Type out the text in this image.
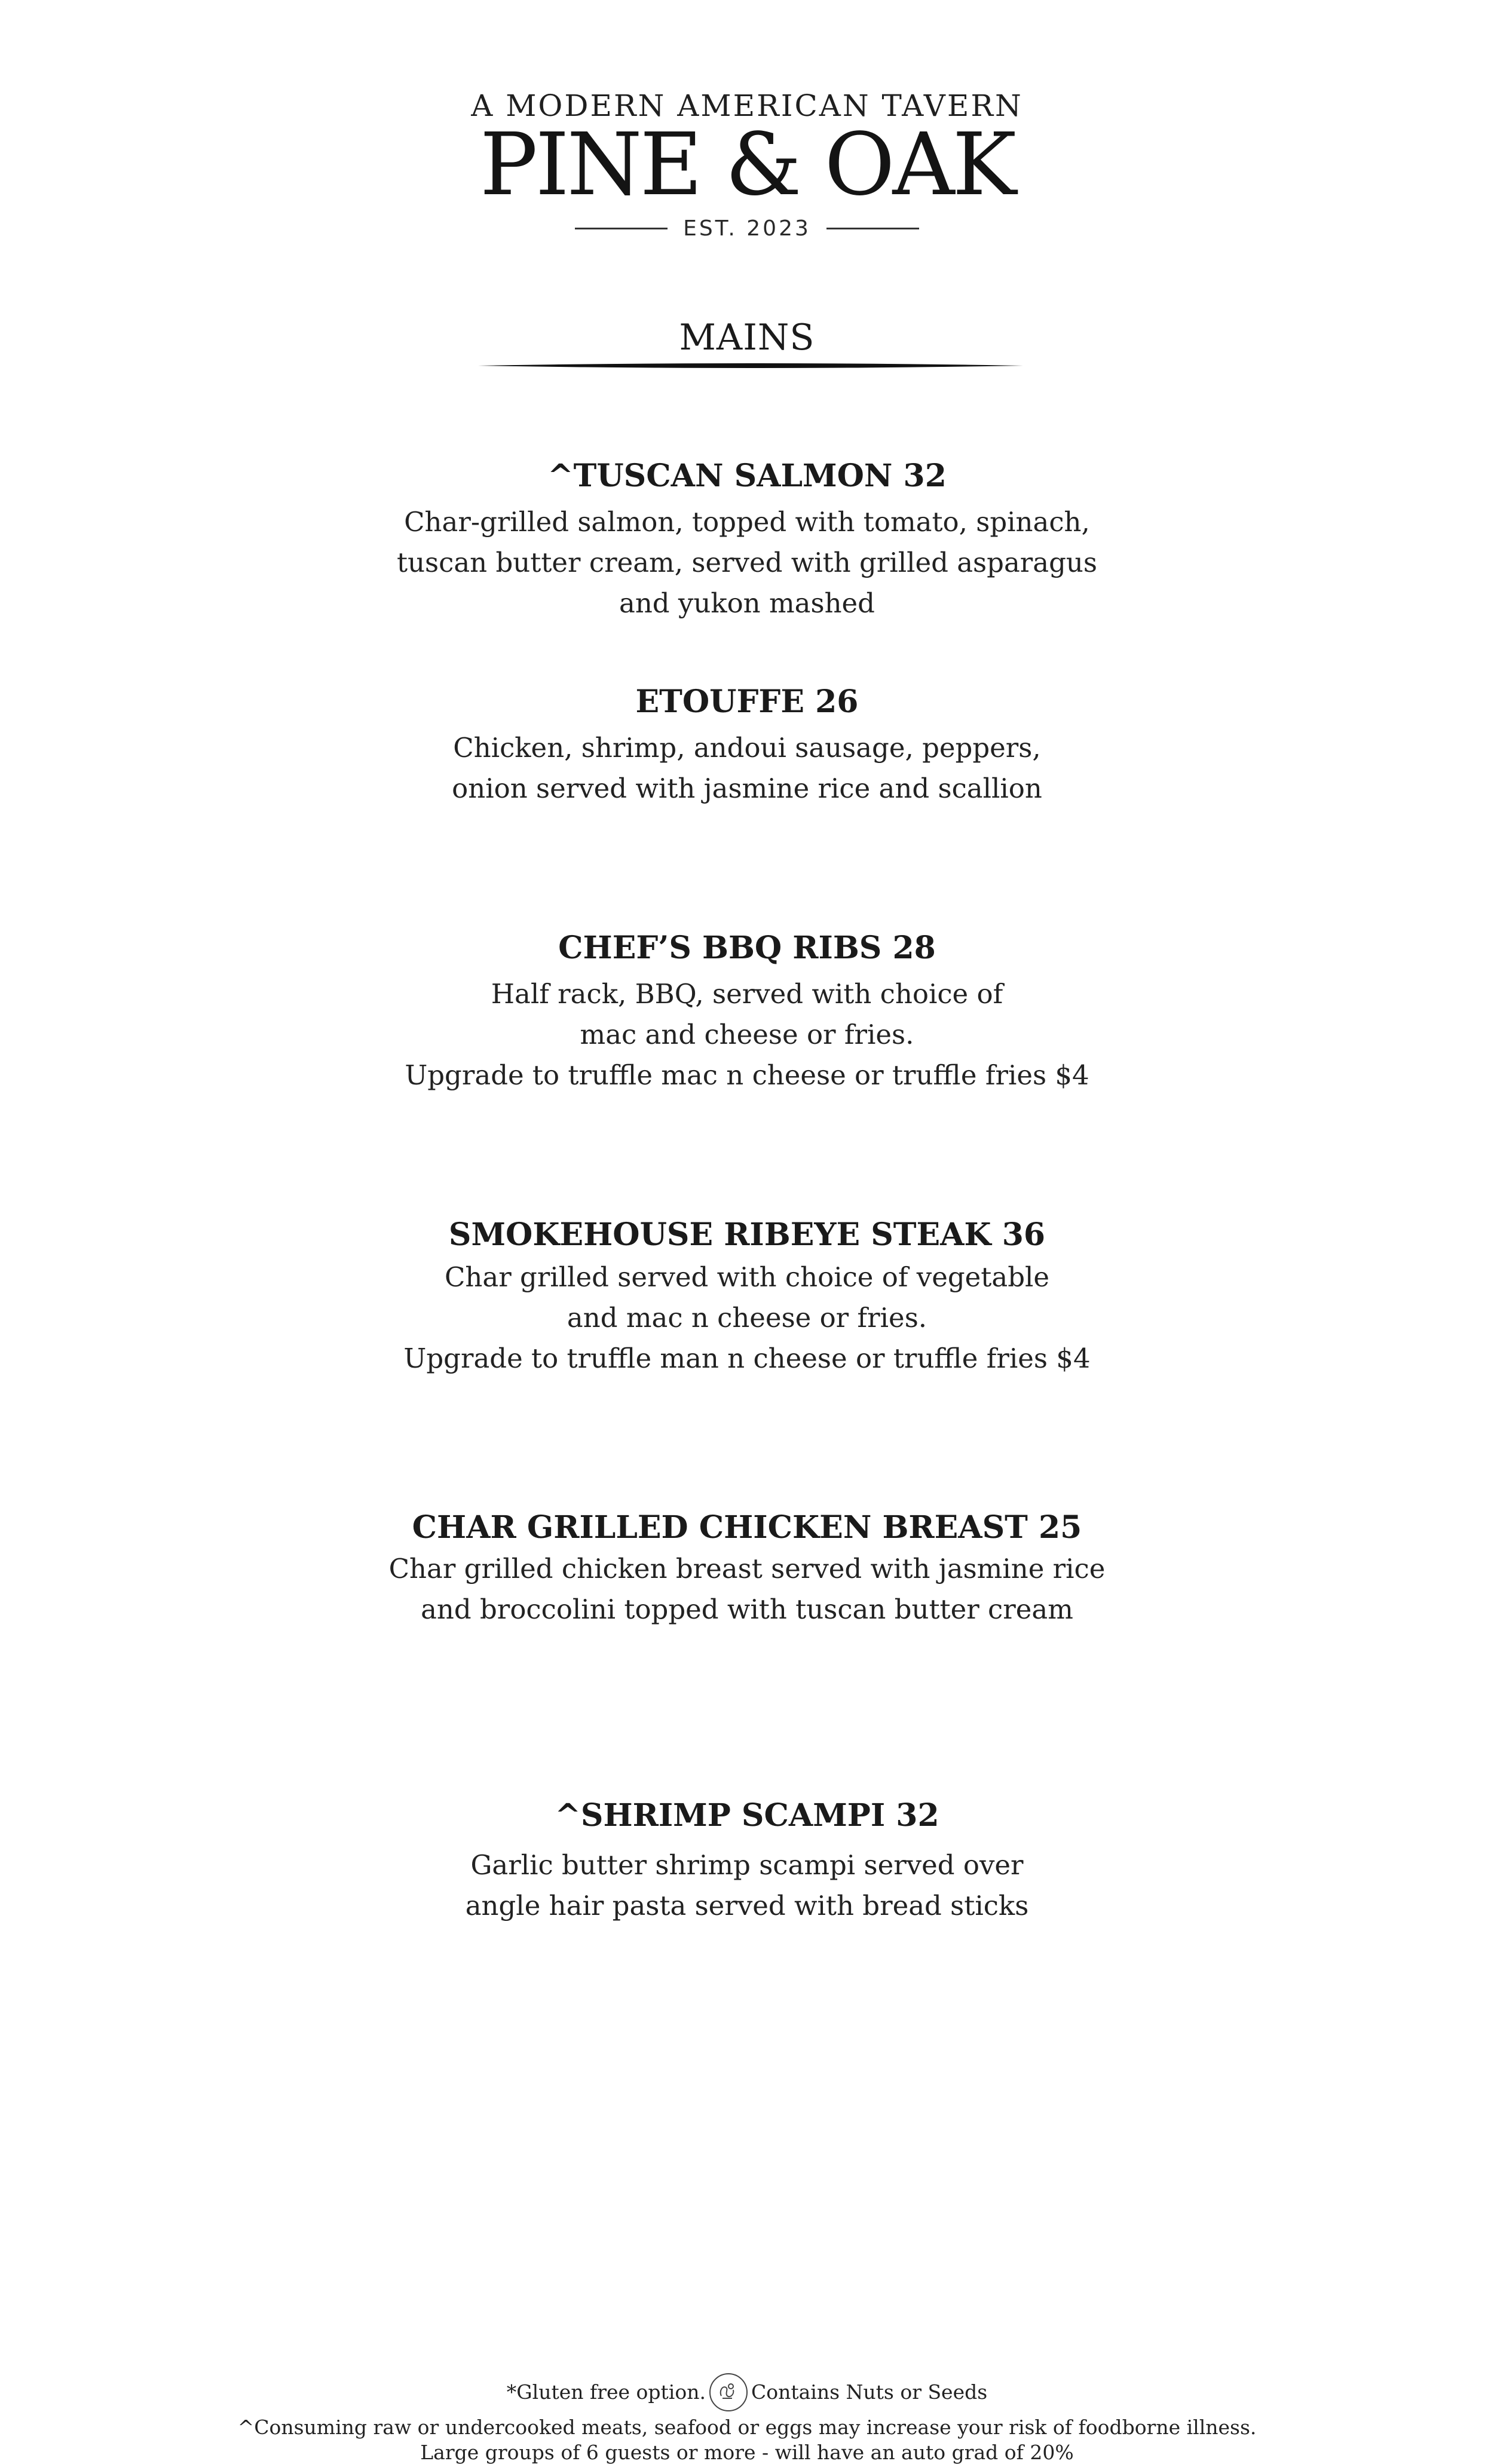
A MODERN AMERICAN TAVERN
PINE & OAK
EST. 2023
MAINS
^TUSCAN SALMON 32
Char-grilled salmon, topped with tomato, spinach,
tuscan butter cream, served with grilled asparagus
and yukon mashed
ETOUFFE 26
Chicken, shrimp, andoui sausage, peppers,
onion served with jasmine rice and scallion
CHEF’S BBQ RIBS 28
Half rack, BBQ, served with choice of
mac and cheese or fries.
Upgrade to truffle mac n cheese or truffle fries $4
SMOKEHOUSE RIBEYE STEAK 36
Char grilled served with choice of vegetable
and mac n cheese or fries.
Upgrade to truffle man n cheese or truffle fries $4
CHAR GRILLED CHICKEN BREAST 25
Char grilled chicken breast served with jasmine rice
and broccolini topped with tuscan butter cream
^SHRIMP SCAMPI 32
Garlic butter shrimp scampi served over
angle hair pasta served with bread sticks
*Gluten free option. Contains Nuts or Seeds
^Consuming raw or undercooked meats, seafood or eggs may increase your risk of foodborne illness.
Large groups of 6 guests or more - will have an auto grad of 20%
